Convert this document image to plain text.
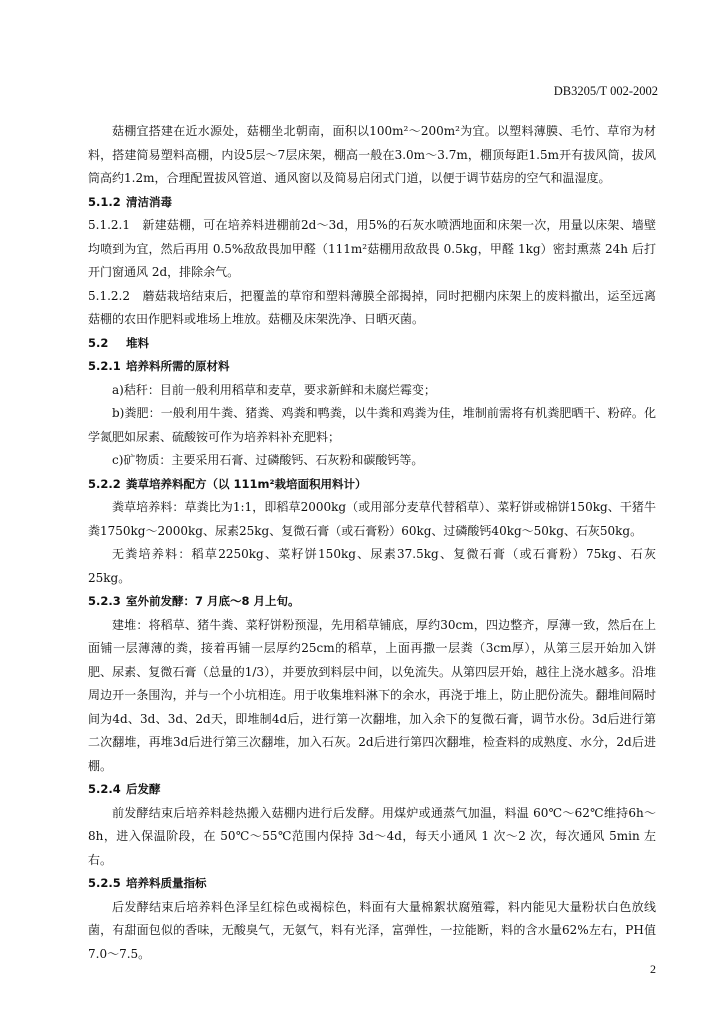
DB3205/T 002-2002

菇棚宜搭建在近水源处，菇棚坐北朝南，面积以100m²～200m²为宜。以塑料薄膜、毛竹、草帘为材料，搭建简易塑料高棚，内设5层～7层床架，棚高一般在3.0m～3.7m，棚顶每距1.5m开有拔风筒，拔风筒高约1.2m，合理配置拔风管道、通风窗以及简易启闭式门道，以便于调节菇房的空气和温湿度。

5.1.2 清洁消毒

5.1.2.1　新建菇棚，可在培养料进棚前2d～3d，用5%的石灰水喷洒地面和床架一次，用量以床架、墙壁均喷到为宜，然后再用 0.5%敌敌畏加甲醛（111m²菇棚用敌敌畏 0.5kg，甲醛 1kg）密封熏蒸 24h 后打开门窗通风 2d，排除余气。

5.1.2.2　蘑菇栽培结束后，把覆盖的草帘和塑料薄膜全部揭掉，同时把棚内床架上的废料撤出，运至远离菇棚的农田作肥料或堆场上堆放。菇棚及床架洗净、日晒灭菌。

5.2 堆料

5.2.1 培养料所需的原材料

a)秸秆：目前一般利用稻草和麦草，要求新鲜和未腐烂霉变；

b)粪肥：一般利用牛粪、猪粪、鸡粪和鸭粪，以牛粪和鸡粪为佳，堆制前需将有机粪肥晒干、粉碎。化学氮肥如尿素、硫酸铵可作为培养料补充肥料；

c)矿物质：主要采用石膏、过磷酸钙、石灰粉和碳酸钙等。

5.2.2 粪草培养料配方（以 111m²栽培面积用料计）

粪草培养料：草粪比为1:1，即稻草2000kg（或用部分麦草代替稻草）、菜籽饼或棉饼150kg、干猪牛粪1750kg～2000kg、尿素25kg、复微石膏（或石膏粉）60kg、过磷酸钙40kg～50kg、石灰50kg。

无粪培养料：稻草2250kg、菜籽饼150kg、尿素37.5kg、复微石膏（或石膏粉）75kg、石灰25kg。

5.2.3 室外前发酵：7 月底～8 月上旬。

建堆：将稻草、猪牛粪、菜籽饼粉预湿，先用稻草铺底，厚约30cm，四边整齐，厚薄一致，然后在上面铺一层薄薄的粪，接着再铺一层厚约25cm的稻草，上面再撒一层粪（3cm厚），从第三层开始加入饼肥、尿素、复微石膏（总量的1/3），并要放到料层中间，以免流失。从第四层开始，越往上浇水越多。沿堆周边开一条围沟，并与一个小坑相连。用于收集堆料淋下的余水，再浇于堆上，防止肥份流失。翻堆间隔时间为4d、3d、3d、2d天，即堆制4d后，进行第一次翻堆，加入余下的复微石膏，调节水份。3d后进行第二次翻堆，再堆3d后进行第三次翻堆，加入石灰。2d后进行第四次翻堆，检查料的成熟度、水分，2d后进棚。

5.2.4 后发酵

前发酵结束后培养料趁热搬入菇棚内进行后发酵。用煤炉或通蒸气加温，料温 60℃～62℃维持6h～8h，进入保温阶段，在 50℃～55℃范围内保持 3d～4d，每天小通风 1 次～2 次，每次通风 5min 左右。

5.2.5 培养料质量指标

后发酵结束后培养料色泽呈红棕色或褐棕色，料面有大量棉絮状腐殖霉，料内能见大量粉状白色放线菌，有甜面包似的香味，无酸臭气，无氨气，料有光泽，富弹性，一拉能断，料的含水量62%左右，PH值7.0～7.5。

2
